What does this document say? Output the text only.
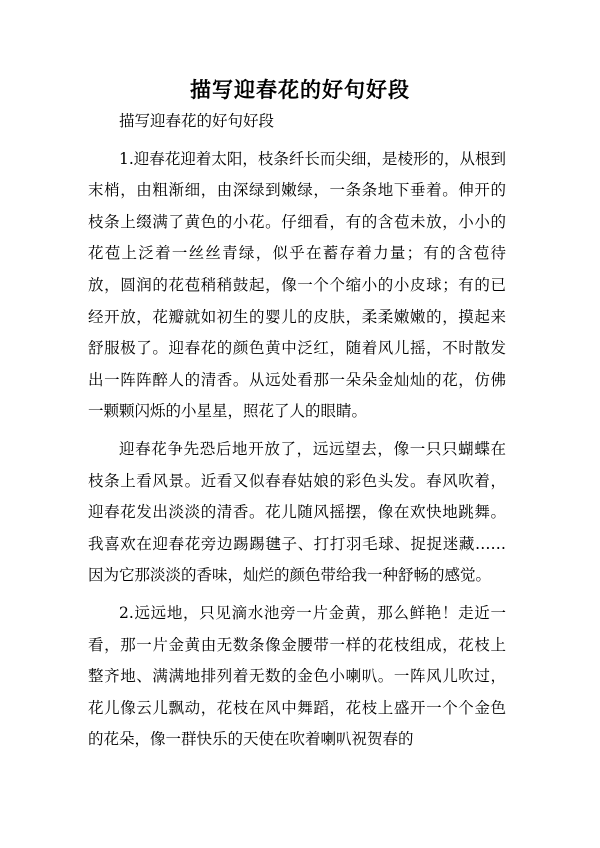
描写迎春花的好句好段

描写迎春花的好句好段

1.迎春花迎着太阳，枝条纤长而尖细，是棱形的，从根到末梢，由粗渐细，由深绿到嫩绿，一条条地下垂着。伸开的枝条上缀满了黄色的小花。仔细看，有的含苞未放，小小的花苞上泛着一丝丝青绿，似乎在蓄存着力量；有的含苞待放，圆润的花苞稍稍鼓起，像一个个缩小的小皮球；有的已经开放，花瓣就如初生的婴儿的皮肤，柔柔嫩嫩的，摸起来舒服极了。迎春花的颜色黄中泛红，随着风儿摇，不时散发出一阵阵醉人的清香。从远处看那一朵朵金灿灿的花，仿佛一颗颗闪烁的小星星，照花了人的眼睛。

迎春花争先恐后地开放了，远远望去，像一只只蝴蝶在枝条上看风景。近看又似春春姑娘的彩色头发。春风吹着，迎春花发出淡淡的清香。花儿随风摇摆，像在欢快地跳舞。我喜欢在迎春花旁边踢踢毽子、打打羽毛球、捉捉迷藏……因为它那淡淡的香味，灿烂的颜色带给我一种舒畅的感觉。

2.远远地，只见滴水池旁一片金黄，那么鲜艳！走近一看，那一片金黄由无数条像金腰带一样的花枝组成，花枝上整齐地、满满地排列着无数的金色小喇叭。一阵风儿吹过，花儿像云儿飘动，花枝在风中舞蹈，花枝上盛开一个个金色的花朵，像一群快乐的天使在吹着喇叭祝贺春的
